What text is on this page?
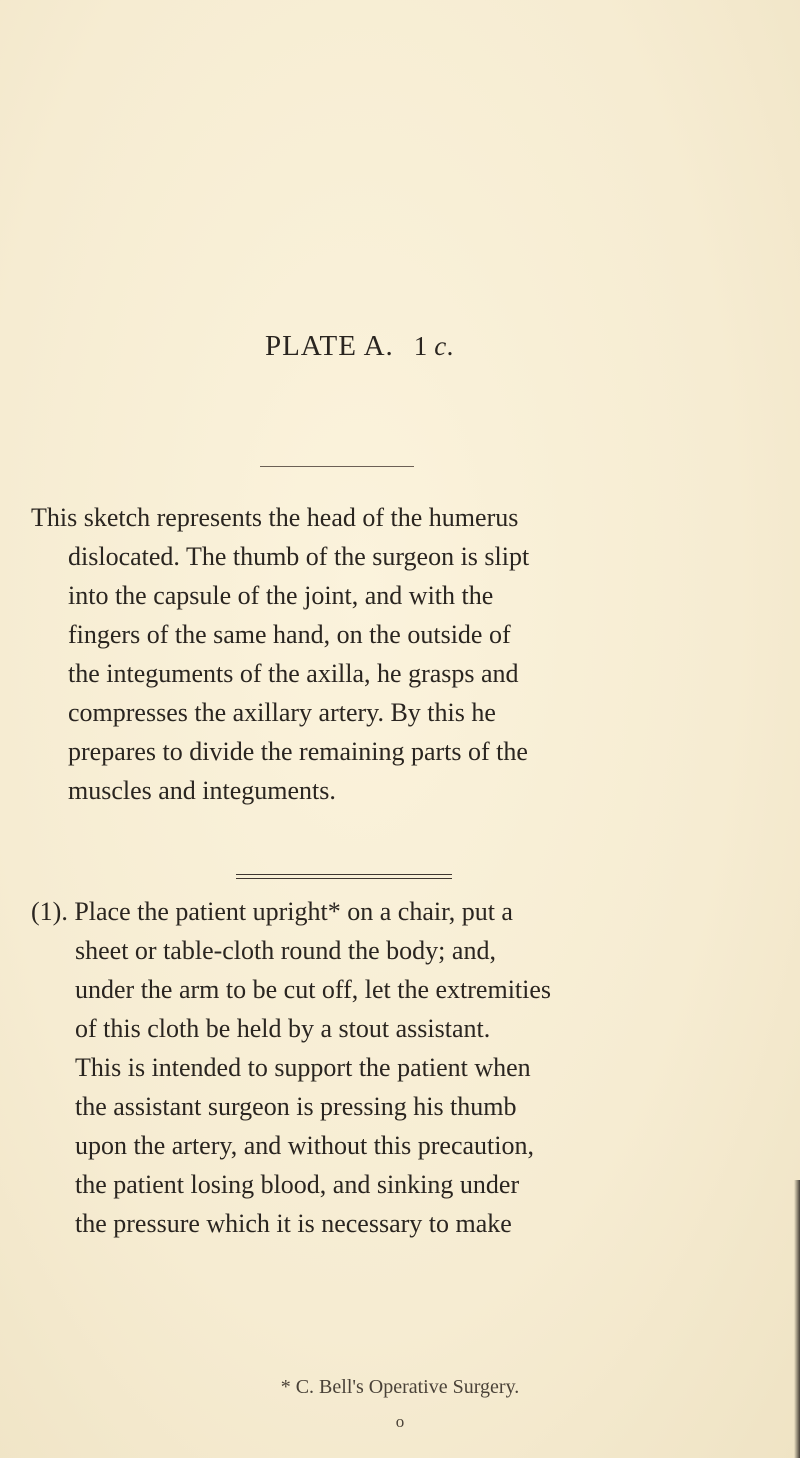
PLATE A. 1 c.
This sketch represents the head of the humerus
dislocated. The thumb of the surgeon is slipt
into the capsule of the joint, and with the
fingers of the same hand, on the outside of
the integuments of the axilla, he grasps and
compresses the axillary artery. By this he
prepares to divide the remaining parts of the
muscles and integuments.
(1). Place the patient upright* on a chair, put a
sheet or table-cloth round the body; and,
under the arm to be cut off, let the extremities
of this cloth be held by a stout assistant.
This is intended to support the patient when
the assistant surgeon is pressing his thumb
upon the artery, and without this precaution,
the patient losing blood, and sinking under
the pressure which it is necessary to make
* C. Bell's Operative Surgery.
o
